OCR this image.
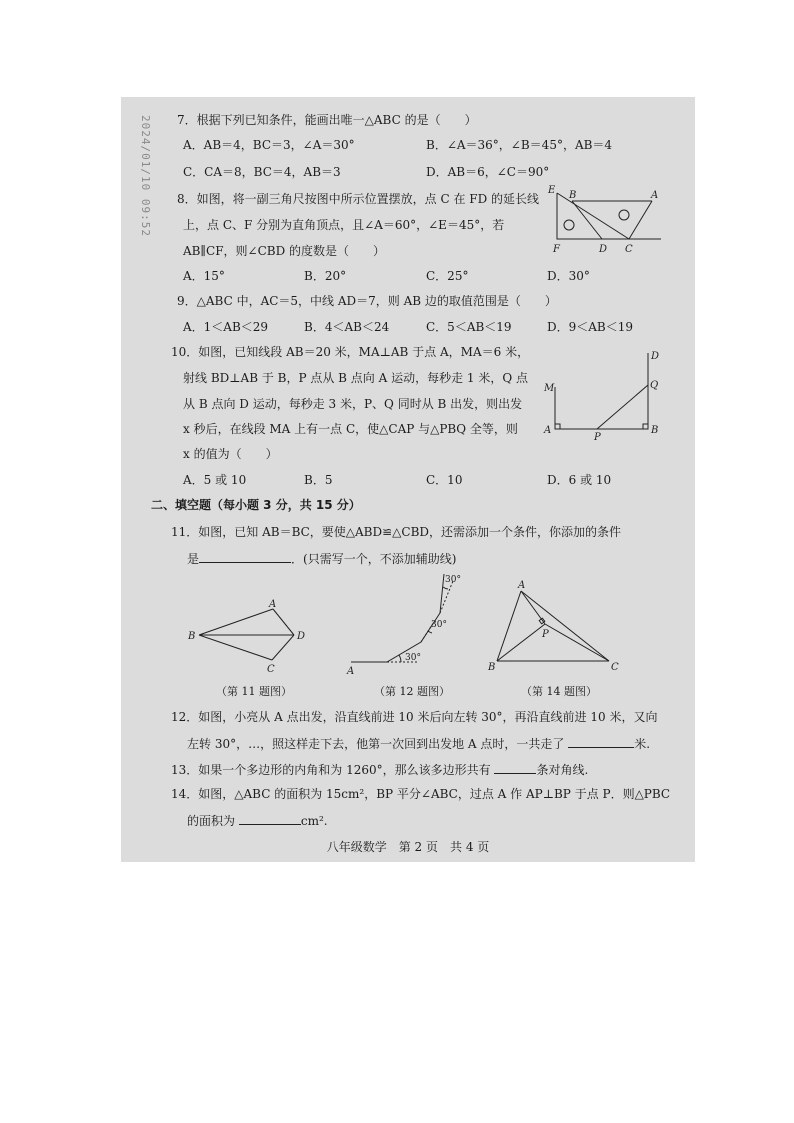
7．根据下列已知条件，能画出唯一△ABC 的是（　　）
A．AB＝4，BC＝3，∠A＝30°	B．∠A＝36°，∠B＝45°，AB＝4
C．CA＝8，BC＝4，AB＝3	D．AB＝6，∠C＝90°
8．如图，将一副三角尺按图中所示位置摆放，点 C 在 FD 的延长线
上，点 C、F 分别为直角顶点，且∠A＝60°，∠E＝45°，若
AB∥CF，则∠CBD 的度数是（　　）
A．15°	B．20°	C．25°	D．30°
E B	A
F	D C
9．△ABC 中，AC＝5，中线 AD＝7，则 AB 边的取值范围是（　　）
A．1＜AB＜29	B．4＜AB＜24	C．5＜AB＜19	D．9＜AB＜19
10．如图，已知线段 AB＝20 米，MA⊥AB 于点 A，MA＝6 米，
射线 BD⊥AB 于 B，P 点从 B 点向 A 运动，每秒走 1 米，Q 点
从 B 点向 D 运动，每秒走 3 米，P、Q 同时从 B 出发，则出发
x 秒后，在线段 MA 上有一点 C，使△CAP 与△PBQ 全等，则
x 的值为（　　）
A．5 或 10	B．5	C．10	D．6 或 10
D
M	Q
A
P
B
二、填空题（每小题 3 分，共 15 分）
11．如图，已知 AB＝BC，要使△ABD≌△CBD，还需添加一个条件，你添加的条件
是	．(只需写一个，不添加辅助线)
A
B	D
C
（第 11 题图）
A
30°
30°
30°
（第 12 题图）
A
P
B	C
（第 14 题图）
12．如图，小亮从 A 点出发，沿直线前进 10 米后向左转 30°，再沿直线前进 10 米，又向
左转 30°，…，照这样走下去，他第一次回到出发地 A 点时，一共走了	米.
13．如果一个多边形的内角和为 1260°，那么该多边形共有	条对角线.
14．如图，△ABC 的面积为 15cm²，BP 平分∠ABC，过点 A 作 AP⊥BP 于点 P．则△PBC
的面积为	cm².
八年级数学　第 2 页　共 4 页
2024/01/10 09:52
